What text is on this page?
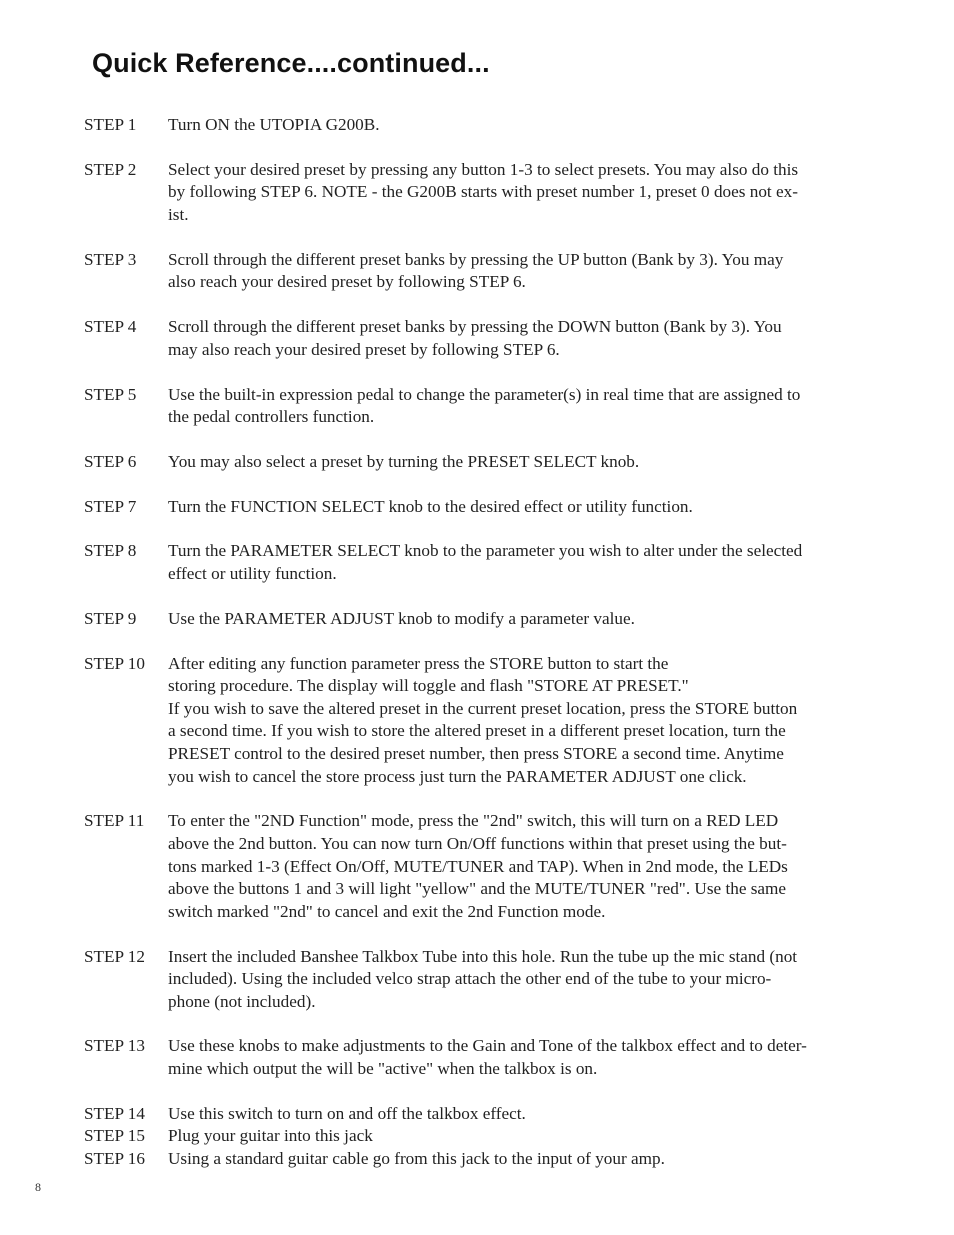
Quick Reference....continued...
STEP 1	Turn ON the UTOPIA G200B.
STEP 2	Select your desired preset by pressing any button 1-3 to select presets. You may also do this
by following STEP 6. NOTE - the G200B starts with preset number 1, preset 0 does not ex-
ist.
STEP 3	Scroll through the different preset banks by pressing the UP button (Bank by 3). You may
also reach your desired preset by following STEP 6.
STEP 4	Scroll through the different preset banks by pressing the DOWN button (Bank by 3). You
may also reach your desired preset by following STEP 6.
STEP 5	Use the built-in expression pedal to change the parameter(s) in real time that are assigned to
the pedal controllers function.
STEP 6	You may also select a preset by turning the PRESET SELECT knob.
STEP 7	Turn the FUNCTION SELECT knob to the desired effect or utility function.
STEP 8	Turn the PARAMETER SELECT knob to the parameter you wish to alter under the selected
effect or utility function.
STEP 9	Use the PARAMETER ADJUST knob to modify a parameter value.
STEP 10	After editing any function parameter press the STORE button to start the
storing procedure. The display will toggle and flash "STORE AT PRESET."
If you wish to save the altered preset in the current preset location, press the STORE button
a second time. If you wish to store the altered preset in a different preset location, turn the
PRESET control to the desired preset number, then press STORE a second time. Anytime
you wish to cancel the store process just turn the PARAMETER ADJUST one click.
STEP 11	To enter the "2ND Function" mode, press the "2nd" switch, this will turn on a RED LED
above the 2nd button. You can now turn On/Off functions within that preset using the but-
tons marked 1-3 (Effect On/Off, MUTE/TUNER and TAP). When in 2nd mode, the LEDs
above the buttons 1 and 3 will light "yellow" and the MUTE/TUNER "red". Use the same
switch marked "2nd" to cancel and exit the 2nd Function mode.
STEP 12	Insert the included Banshee Talkbox Tube into this hole. Run the tube up the mic stand (not
included). Using the included velco strap attach the other end of the tube to your micro-
phone (not included).
STEP 13	Use these knobs to make adjustments to the Gain and Tone of the talkbox effect and to deter-
mine which output the will be "active" when the talkbox is on.
STEP 14	Use this switch to turn on and off the talkbox effect.
STEP 15	Plug your guitar into this jack
STEP 16	Using a standard guitar cable go from this jack to the input of your amp.
8
